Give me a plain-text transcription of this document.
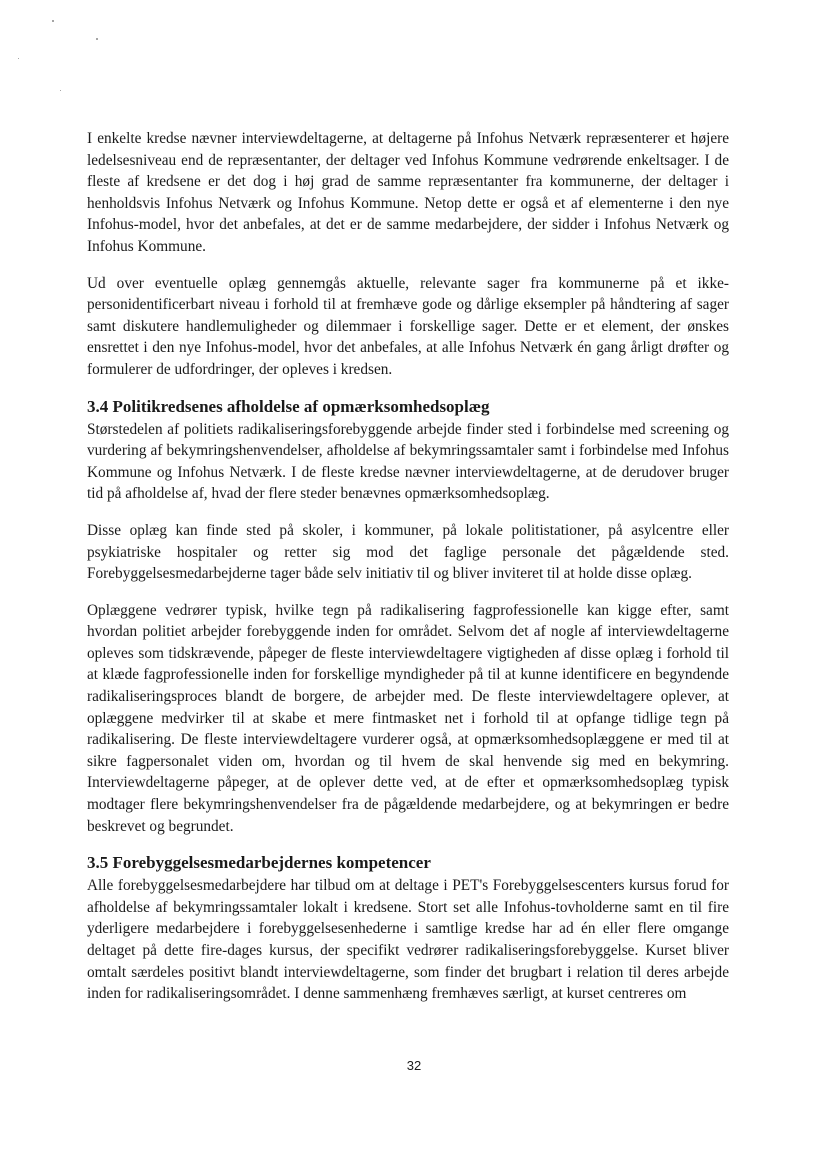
I enkelte kredse nævner interviewdeltagerne, at deltagerne på Infohus Netværk repræsenterer et højere ledelsesniveau end de repræsentanter, der deltager ved Infohus Kommune vedrørende enkeltsager. I de fleste af kredsene er det dog i høj grad de samme repræsentanter fra kommunerne, der deltager i henholdsvis Infohus Netværk og Infohus Kommune. Netop dette er også et af elementerne i den nye Infohus-model, hvor det anbefales, at det er de samme medarbejdere, der sidder i Infohus Netværk og Infohus Kommune.

Ud over eventuelle oplæg gennemgås aktuelle, relevante sager fra kommunerne på et ikke-personidentificerbart niveau i forhold til at fremhæve gode og dårlige eksempler på håndtering af sager samt diskutere handlemuligheder og dilemmaer i forskellige sager. Dette er et element, der ønskes ensrettet i den nye Infohus-model, hvor det anbefales, at alle Infohus Netværk én gang årligt drøfter og formulerer de udfordringer, der opleves i kredsen.

3.4 Politikredsenes afholdelse af opmærksomhedsoplæg

Størstedelen af politiets radikaliseringsforebyggende arbejde finder sted i forbindelse med screening og vurdering af bekymringshenvendelser, afholdelse af bekymringssamtaler samt i forbindelse med Infohus Kommune og Infohus Netværk. I de fleste kredse nævner interviewdeltagerne, at de derudover bruger tid på afholdelse af, hvad der flere steder benævnes opmærksomhedsoplæg.

Disse oplæg kan finde sted på skoler, i kommuner, på lokale politistationer, på asylcentre eller psykiatriske hospitaler og retter sig mod det faglige personale det pågældende sted. Forebyggelsesmedarbejderne tager både selv initiativ til og bliver inviteret til at holde disse oplæg.

Oplæggene vedrører typisk, hvilke tegn på radikalisering fagprofessionelle kan kigge efter, samt hvordan politiet arbejder forebyggende inden for området. Selvom det af nogle af interviewdeltagerne opleves som tidskrævende, påpeger de fleste interviewdeltagere vigtigheden af disse oplæg i forhold til at klæde fagprofessionelle inden for forskellige myndigheder på til at kunne identificere en begyndende radikaliseringsproces blandt de borgere, de arbejder med. De fleste interviewdeltagere oplever, at oplæggene medvirker til at skabe et mere fintmasket net i forhold til at opfange tidlige tegn på radikalisering. De fleste interviewdeltagere vurderer også, at opmærksomhedsoplæggene er med til at sikre fagpersonalet viden om, hvordan og til hvem de skal henvende sig med en bekymring. Interviewdeltagerne påpeger, at de oplever dette ved, at de efter et opmærksomhedsoplæg typisk modtager flere bekymringshenvendelser fra de pågældende medarbejdere, og at bekymringen er bedre beskrevet og begrundet.

3.5 Forebyggelsesmedarbejdernes kompetencer

Alle forebyggelsesmedarbejdere har tilbud om at deltage i PET's Forebyggelsescenters kursus forud for afholdelse af bekymringssamtaler lokalt i kredsene. Stort set alle Infohus-tovholderne samt en til fire yderligere medarbejdere i forebyggelsesenhederne i samtlige kredse har ad én eller flere omgange deltaget på dette fire-dages kursus, der specifikt vedrører radikaliseringsforebyggelse. Kurset bliver omtalt særdeles positivt blandt interviewdeltagerne, som finder det brugbart i relation til deres arbejde inden for radikaliseringsområdet. I denne sammenhæng fremhæves særligt, at kurset centreres om

32
